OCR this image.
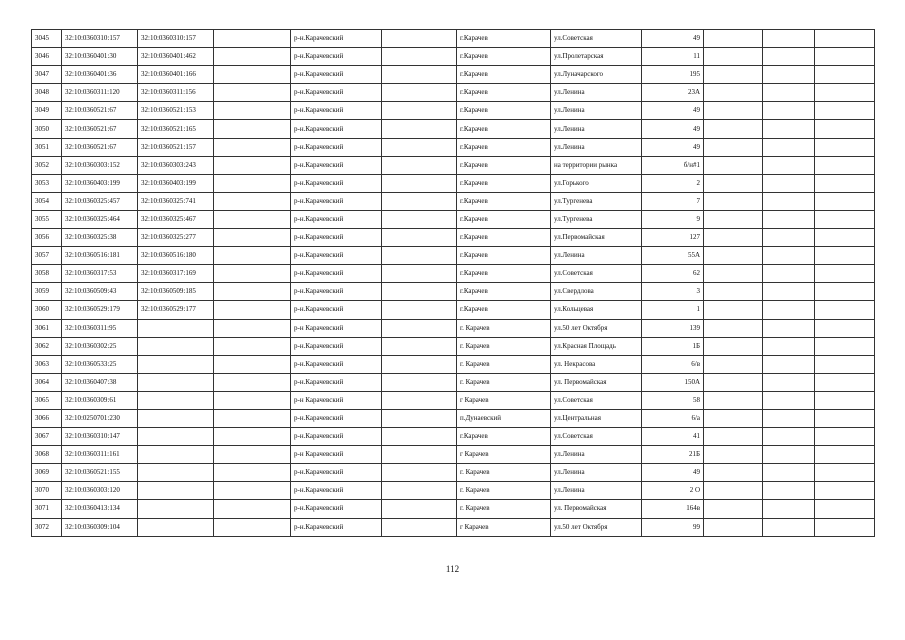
3045	32:10:0360310:157	32:10:0360310:157		р-н.Карачевский		г.Карачев	ул.Советская	49			
3046	32:10:0360401:30	32:10:0360401:462		р-н.Карачевский		г.Карачев	ул.Пролетарская	11			
3047	32:10:0360401:36	32:10:0360401:166		р-н.Карачевский		г.Карачев	ул.Луначарского	195			
3048	32:10:0360311:120	32:10:0360311:156		р-н.Карачевский		г.Карачев	ул.Ленина	23А			
3049	32:10:0360521:67	32:10:0360521:153		р-н.Карачевский		г.Карачев	ул.Ленина	49			
3050	32:10:0360521:67	32:10:0360521:165		р-н.Карачевский		г.Карачев	ул.Ленина	49			
3051	32:10:0360521:67	32:10:0360521:157		р-н.Карачевский		г.Карачев	ул.Ленина	49			
3052	32:10:0360303:152	32:10:0360303:243		р-н.Карачевский		г.Карачев	на территории рынка	б/н#1			
3053	32:10:0360403:199	32:10:0360403:199		р-н.Карачевский		г.Карачев	ул.Горького	2			
3054	32:10:0360325:457	32:10:0360325:741		р-н.Карачевский		г.Карачев	ул.Тургенева	7			
3055	32:10:0360325:464	32:10:0360325:467		р-н.Карачевский		г.Карачев	ул.Тургенева	9			
3056	32:10:0360325:38	32:10:0360325:277		р-н.Карачевский		г.Карачев	ул.Первомайская	127			
3057	32:10:0360516:181	32:10:0360516:180		р-н.Карачевский		г.Карачев	ул.Ленина	55А			
3058	32:10:0360317:53	32:10:0360317:169		р-н.Карачевский		г.Карачев	ул.Советская	62			
3059	32:10:0360509:43	32:10:0360509:185		р-н.Карачевский		г.Карачев	ул.Свердлова	3			
3060	32:10:0360529:179	32:10:0360529:177		р-н.Карачевский		г.Карачев	ул.Кольцевая	1			
3061	32:10:0360311:95			р-н Карачевский		г. Карачев	ул.50 лет Октября	139			
3062	32:10:0360302:25			р-н.Карачевский		г. Карачев	ул.Красная Площадь	1Б			
3063	32:10:0360533:25			р-н.Карачевский		г. Карачев	ул. Некрасова	6/в			
3064	32:10:0360407:38			р-н.Карачевский		г. Карачев	ул. Первомайская	150А			
3065	32:10:0360309:61			р-н Карачевский		г Карачев	ул.Советская	58			
3066	32:10:0250701:230			р-н.Карачевский		п.Дунаевский	ул.Центральная	6/а			
3067	32:10:0360310:147			р-н.Карачевский		г.Карачев	ул.Советская	41			
3068	32:10:0360311:161			р-н Карачевский		г Карачев	ул.Ленина	21Б			
3069	32:10:0360521:155			р-н.Карачевский		г. Карачев	ул.Ленина	49			
3070	32:10:0360303:120			р-н.Карачевский		г. Карачев	ул.Ленина	2 О			
3071	32:10:0360413:134			р-н.Карачевский		г. Карачев	ул. Первомайская	164в			
3072	32:10:0360309:104			р-н.Карачевский		г Карачев	ул.50 лет Октября	99			
112
